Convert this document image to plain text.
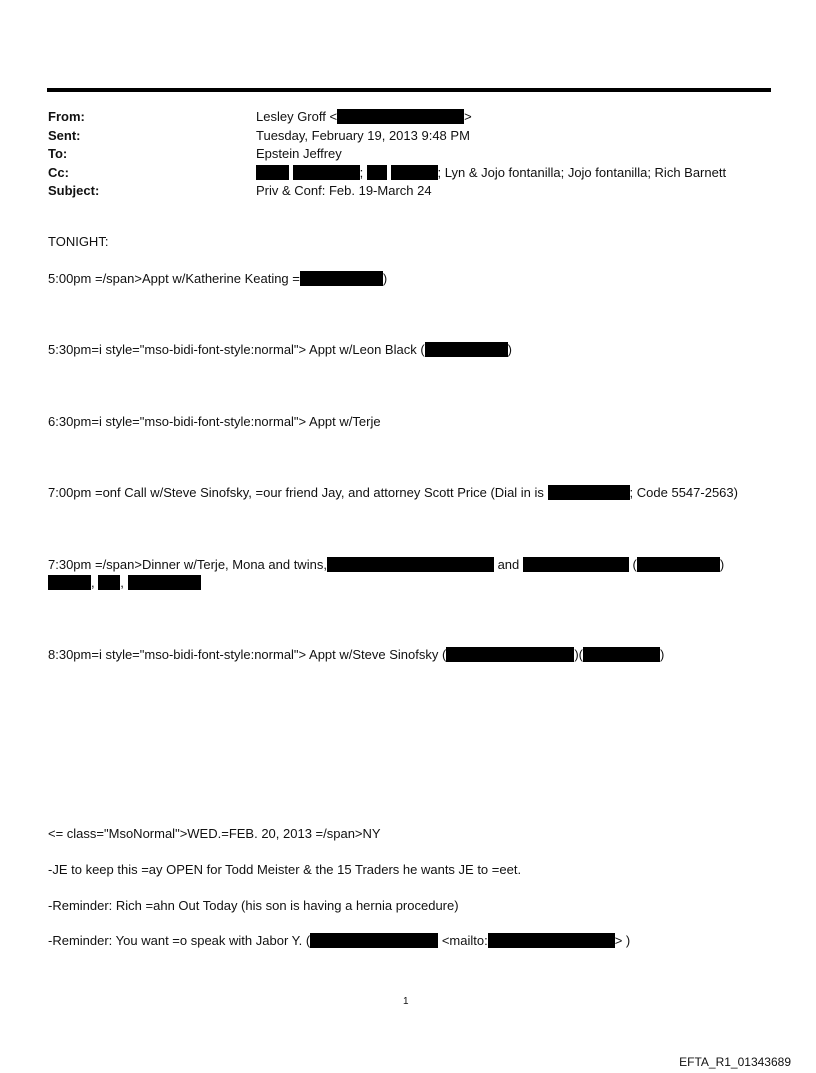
From:	Lesley Groff <	>
Sent:	Tuesday, February 19, 2013 9:48 PM
To:	Epstein Jeffrey
Cc:	;	; Lyn & Jojo fontanilla; Jojo fontanilla; Rich Barnett
Subject:	Priv & Conf: Feb. 19-March 24
TONIGHT:
5:00pm =/span>Appt w/Katherine Keating =	)
5:30pm=i style="mso-bidi-font-style:normal"> Appt w/Leon Black (	)
6:30pm=i style="mso-bidi-font-style:normal"> Appt w/Terje
7:00pm =onf Call w/Steve Sinofsky, =our friend Jay, and attorney Scott Price (Dial in is	; Code 5547-2563)
7:30pm =/span>Dinner w/Terje, Mona and twins,	and	(	)
, ,
8:30pm=i style="mso-bidi-font-style:normal"> Appt w/Steve Sinofsky (	)(	)
<= class="MsoNormal">WED.=FEB. 20, 2013 =/span>NY
-JE to keep this =ay OPEN for Todd Meister & the 15 Traders he wants JE to =eet.
-Reminder: Rich =ahn Out Today (his son is having a hernia procedure)
-Reminder: You want =o speak with Jabor Y. (	<mailto:	> )
1
EFTA_R1_01343689
